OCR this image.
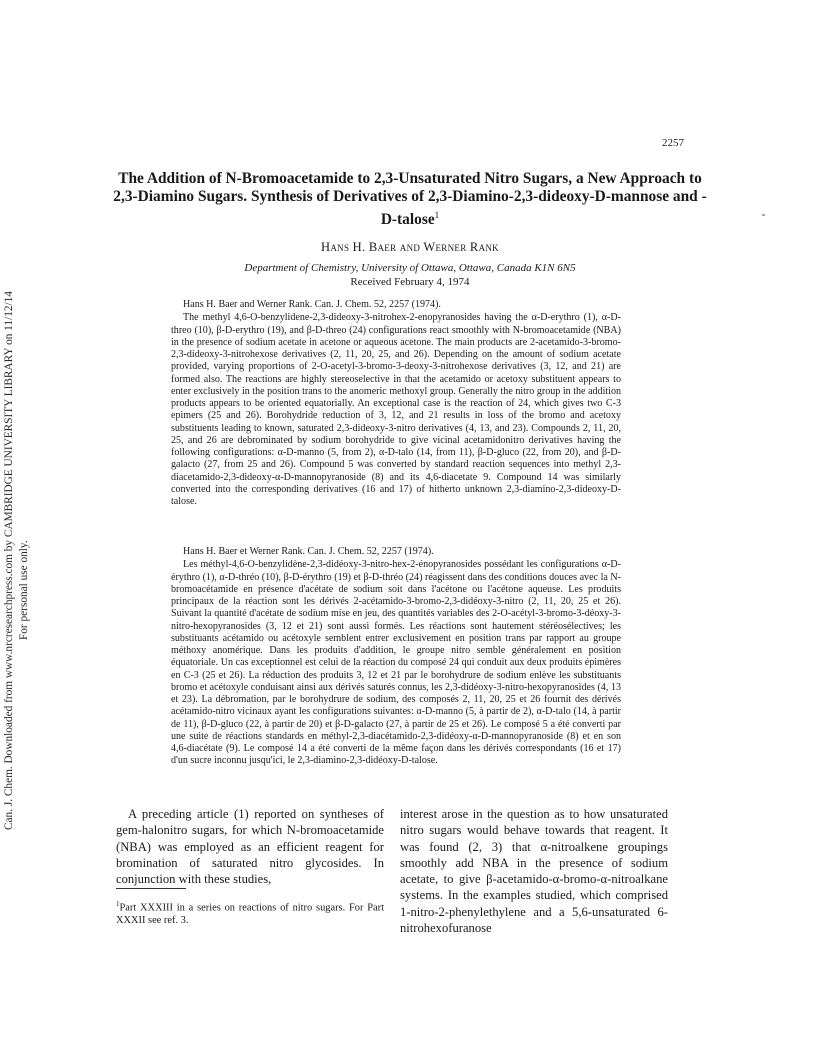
Can. J. Chem. Downloaded from www.nrcresearchpress.com by CAMBRIDGE UNIVERSITY LIBRARY on 11/12/14 For personal use only.
2257
The Addition of N-Bromoacetamide to 2,3-Unsaturated Nitro Sugars, a New Approach to 2,3-Diamino Sugars. Synthesis of Derivatives of 2,3-Diamino-2,3-dideoxy-D-mannose and -D-talose$^1$
Hans H. Baer and Werner Rank
Department of Chemistry, University of Ottawa, Ottawa, Canada K1N 6N5
Received February 4, 1974

Hans H. Baer and Werner Rank. Can. J. Chem. 52, 2257 (1974).

The methyl 4,6-O-benzylidene-2,3-dideoxy-3-nitrohex-2-enopyranosides having the α-D-erythro (1), α-D-threo (10), β-D-erythro (19), and β-D-threo (24) configurations react smoothly with N-bromoacetamide (NBA) in the presence of sodium acetate in acetone or aqueous acetone. The main products are 2-acetamido-3-bromo-2,3-dideoxy-3-nitrohexose derivatives (2, 11, 20, 25, and 26). Depending on the amount of sodium acetate provided, varying proportions of 2-O-acetyl-3-bromo-3-deoxy-3-nitrohexose derivatives (3, 12, and 21) are formed also. The reactions are highly stereoselective in that the acetamido or acetoxy substituent appears to enter exclusively in the position trans to the anomeric methoxyl group. Generally the nitro group in the addition products appears to be oriented equatorially. An exceptional case is the reaction of 24, which gives two C-3 epimers (25 and 26). Borohydride reduction of 3, 12, and 21 results in loss of the bromo and acetoxy substituents leading to known, saturated 2,3-dideoxy-3-nitro derivatives (4, 13, and 23). Compounds 2, 11, 20, 25, and 26 are debrominated by sodium borohydride to give vicinal acetamidonitro derivatives having the following configurations: α-D-manno (5, from 2), α-D-talo (14, from 11), β-D-gluco (22, from 20), and β-D-galacto (27, from 25 and 26). Compound 5 was converted by standard reaction sequences into methyl 2,3-diacetamido-2,3-dideoxy-α-D-mannopyranoside (8) and its 4,6-diacetate 9. Compound 14 was similarly converted into the corresponding derivatives (16 and 17) of hitherto unknown 2,3-diamino-2,3-dideoxy-D-talose.

Hans H. Baer et Werner Rank. Can. J. Chem. 52, 2257 (1974).

Les méthyl-4,6-O-benzylidène-2,3-didéoxy-3-nitro-hex-2-énopyranosides possédant les configurations α-D-érythro (1), α-D-thréo (10), β-D-érythro (19) et β-D-thréo (24) réagissent dans des conditions douces avec la N-bromoacétamide en présence d'acétate de sodium soit dans l'acétone ou l'acétone aqueuse. Les produits principaux de la réaction sont les dérivés 2-acétamido-3-bromo-2,3-didéoxy-3-nitro (2, 11, 20, 25 et 26). Suivant la quantité d'acétate de sodium mise en jeu, des quantités variables des 2-O-acétyl-3-bromo-3-déoxy-3-nitro-hexopyranosides (3, 12 et 21) sont aussi formés. Les réactions sont hautement stéréosélectives; les substituants acétamido ou acétoxyle semblent entrer exclusivement en position trans par rapport au groupe méthoxy anomérique. Dans les produits d'addition, le groupe nitro semble généralement en position équatoriale. Un cas exceptionnel est celui de la réaction du composé 24 qui conduit aux deux produits épimères en C-3 (25 et 26). La réduction des produits 3, 12 et 21 par le borohydrure de sodium enlève les substituants bromo et acétoxyle conduisant ainsi aux dérivés saturés connus, les 2,3-didéoxy-3-nitro-hexopyranosides (4, 13 et 23). La débromation, par le borohydrure de sodium, des composés 2, 11, 20, 25 et 26 fournit des dérivés acétamido-nitro vicinaux ayant les configurations suivantes: α-D-manno (5, à partir de 2), α-D-talo (14, à partir de 11), β-D-gluco (22, à partir de 20) et β-D-galacto (27, à partir de 25 et 26). Le composé 5 a été converti par une suite de réactions standards en méthyl-2,3-diacétamido-2,3-didéoxy-α-D-mannopyranoside (8) et en son 4,6-diacétate (9). Le composé 14 a été converti de la même façon dans les dérivés correspondants (16 et 17) d'un sucre inconnu jusqu'ici, le 2,3-diamino-2,3-didéoxy-D-talose.

A preceding article (1) reported on syntheses of gem-halonitro sugars, for which N-bromoacetamide (NBA) was employed as an efficient reagent for bromination of saturated nitro glycosides. In conjunction with these studies,

$^1$Part XXXIII in a series on reactions of nitro sugars. For Part XXXII see ref. 3.

interest arose in the question as to how unsaturated nitro sugars would behave towards that reagent. It was found (2, 3) that α-nitroalkene groupings smoothly add NBA in the presence of sodium acetate, to give β-acetamido-α-bromo-α-nitroalkane systems. In the examples studied, which comprised 1-nitro-2-phenylethylene and a 5,6-unsaturated 6-nitrohexofuranose
